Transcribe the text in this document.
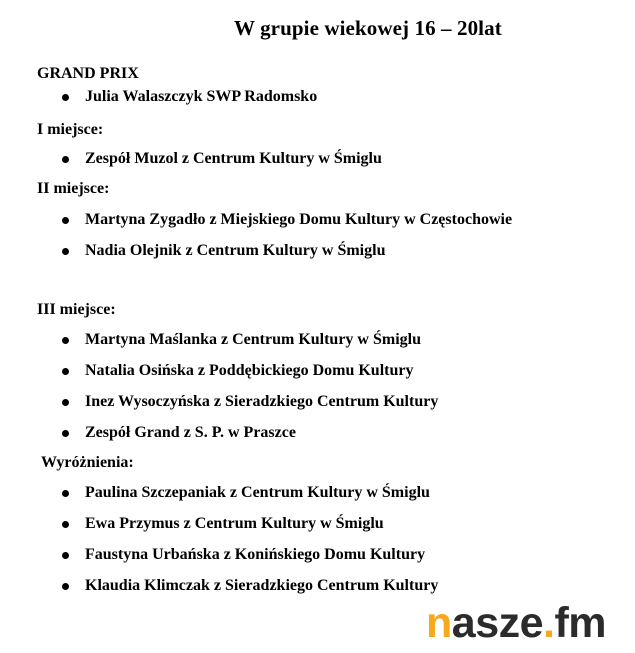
W grupie wiekowej 16 – 20lat
GRAND PRIX
Julia Walaszczyk SWP Radomsko
I miejsce:
Zespół Muzol z Centrum Kultury w Śmiglu
II miejsce:
Martyna Zygadło z Miejskiego Domu Kultury w Częstochowie
Nadia Olejnik z Centrum Kultury w Śmiglu
III miejsce:
Martyna Maślanka z Centrum Kultury w Śmiglu
Natalia Osińska z Poddębickiego Domu Kultury
Inez Wysoczyńska z Sieradzkiego Centrum Kultury
Zespół Grand z S. P. w Praszce
Wyróżnienia:
Paulina Szczepaniak z Centrum Kultury w Śmiglu
Ewa Przymus z Centrum Kultury w Śmiglu
Faustyna Urbańska z Konińskiego Domu Kultury
Klaudia Klimczak z Sieradzkiego Centrum Kultury
nasze.fm
